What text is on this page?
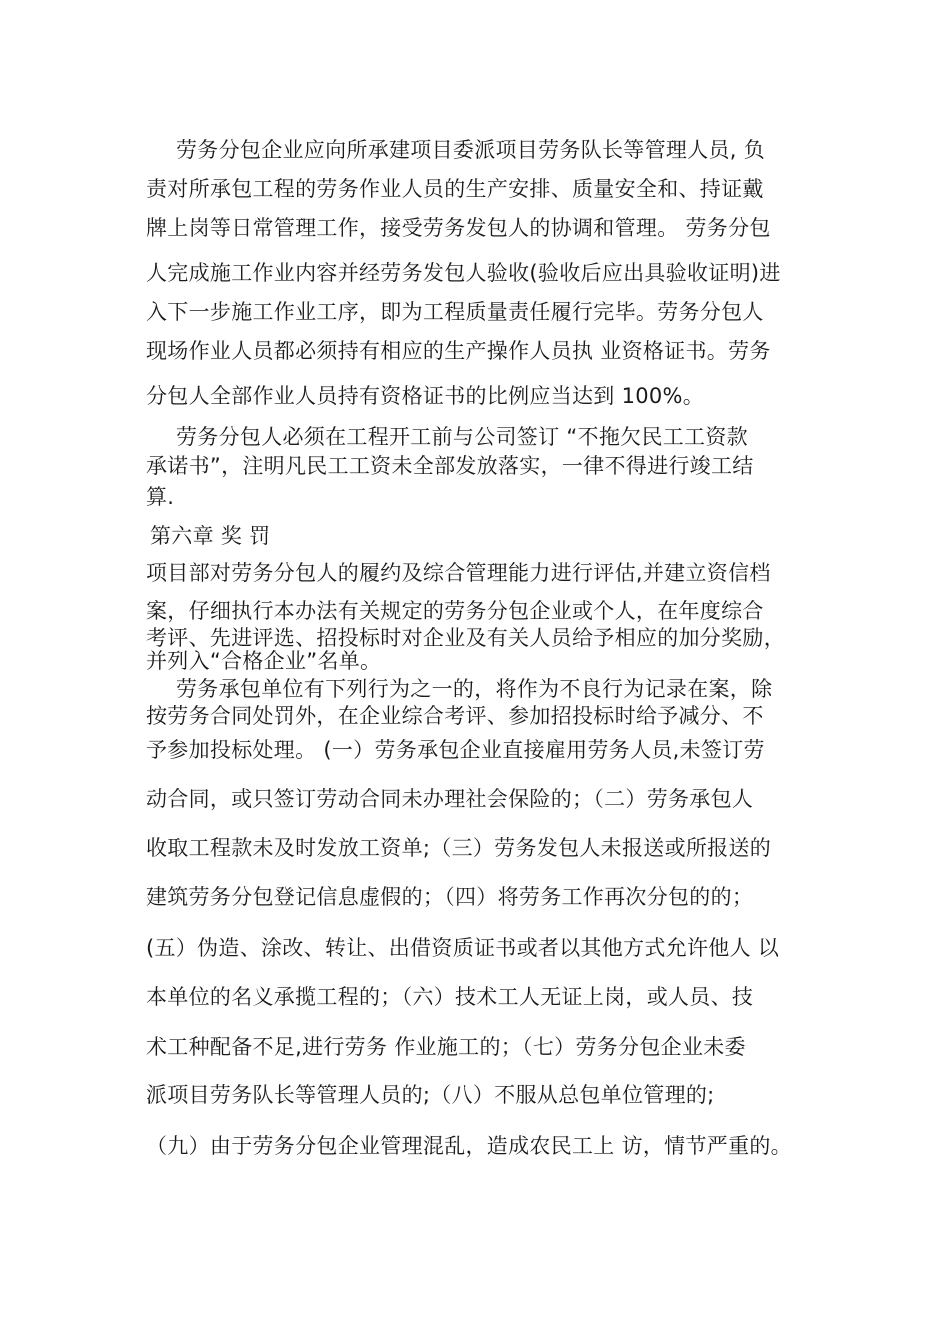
劳务分包企业应向所承建项目委派项目劳务队长等管理人员, 负
责对所承包工程的劳务作业人员的生产安排、质量安全和、持证戴
牌上岗等日常管理工作，接受劳务发包人的协调和管理。 劳务分包
人完成施工作业内容并经劳务发包人验收(验收后应出具验收证明)进
入下一步施工作业工序，即为工程质量责任履行完毕。劳务分包人
现场作业人员都必须持有相应的生产操作人员执 业资格证书。劳务
分包人全部作业人员持有资格证书的比例应当达到 100%。
劳务分包人必须在工程开工前与公司签订 “不拖欠民工工资款
承诺书”，注明凡民工工资未全部发放落实，一律不得进行竣工结
算.
第六章 奖 罚
项目部对劳务分包人的履约及综合管理能力进行评估,并建立资信档
案，仔细执行本办法有关规定的劳务分包企业或个人，在年度综合
考评、先进评选、招投标时对企业及有关人员给予相应的加分奖励，
并列入“合格企业”名单。
劳务承包单位有下列行为之一的，将作为不良行为记录在案，除
按劳务合同处罚外，在企业综合考评、参加招投标时给予减分、不
予参加投标处理。 (一）劳务承包企业直接雇用劳务人员,未签订劳
动合同，或只签订劳动合同未办理社会保险的；（二）劳务承包人
收取工程款未及时发放工资单;（三）劳务发包人未报送或所报送的
建筑劳务分包登记信息虚假的；（四）将劳务工作再次分包的的；
(五）伪造、涂改、转让、出借资质证书或者以其他方式允许他人 以
本单位的名义承揽工程的；（六）技术工人无证上岗，或人员、技
术工种配备不足,进行劳务 作业施工的；（七）劳务分包企业未委
派项目劳务队长等管理人员的;（八）不服从总包单位管理的;
（九）由于劳务分包企业管理混乱，造成农民工上 访，情节严重的。
